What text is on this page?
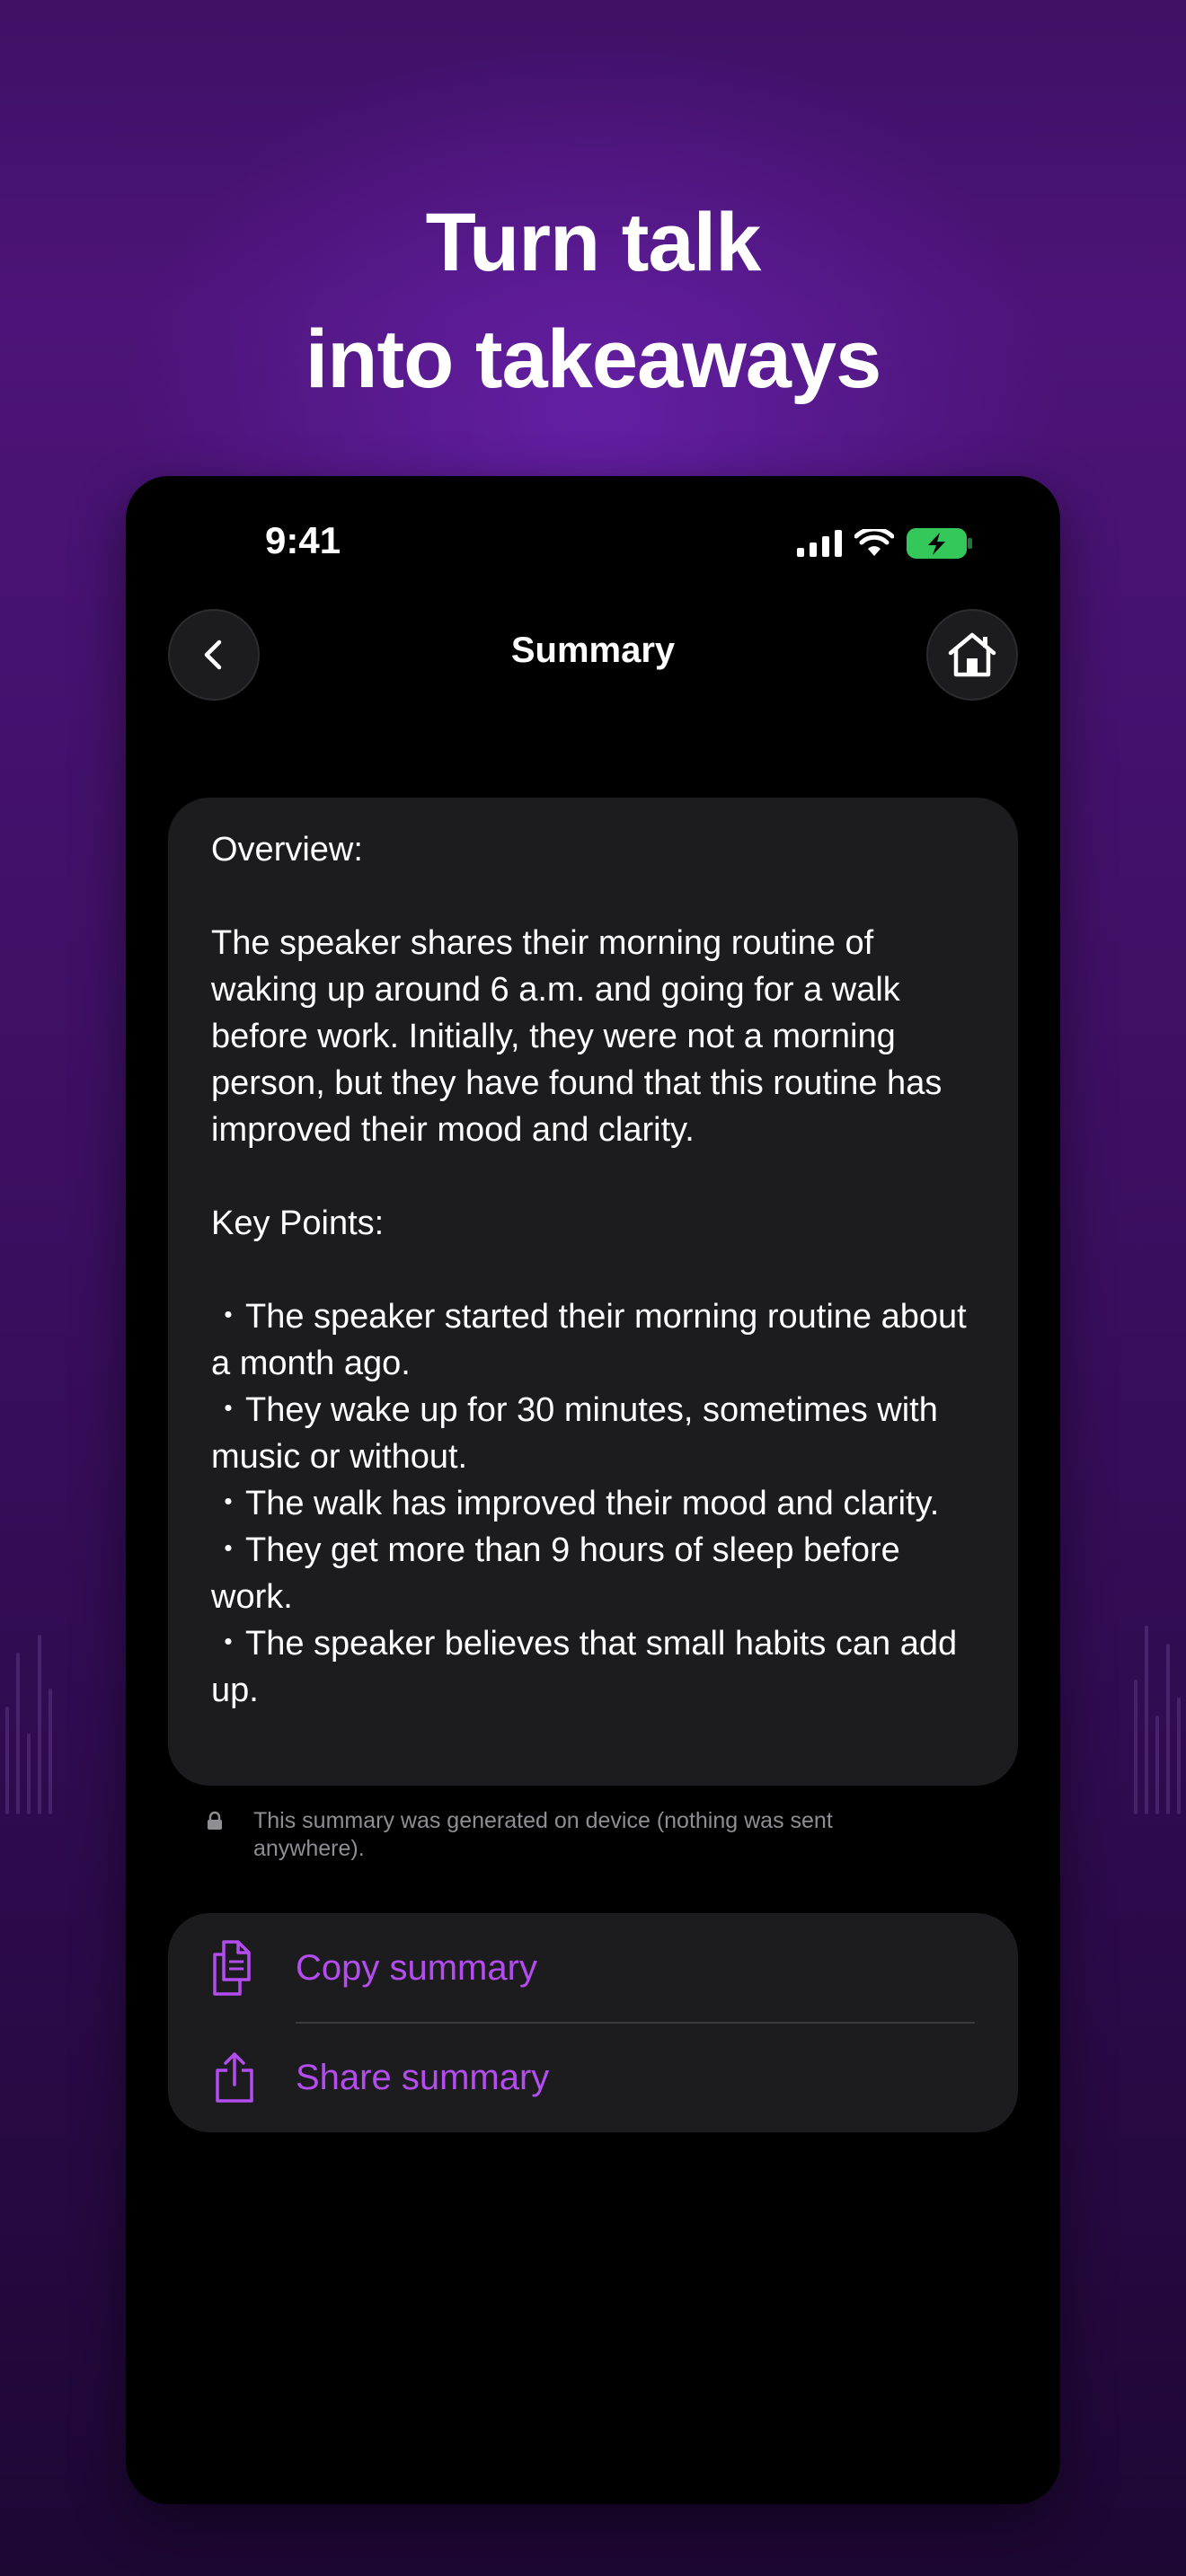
Turn talk
into takeaways
9:41
Summary

Overview:

The speaker shares their morning routine of waking up around 6 a.m. and going for a walk before work. Initially, they were not a morning person, but they have found that this routine has improved their mood and clarity.

Key Points:

・The speaker started their morning routine about a month ago.

・They wake up for 30 minutes, sometimes with music or without.

・The walk has improved their mood and clarity.

・They get more than 9 hours of sleep before work.

・The speaker believes that small habits can add up.

This summary was generated on device (nothing was sent anywhere).
Copy summary
Share summary
